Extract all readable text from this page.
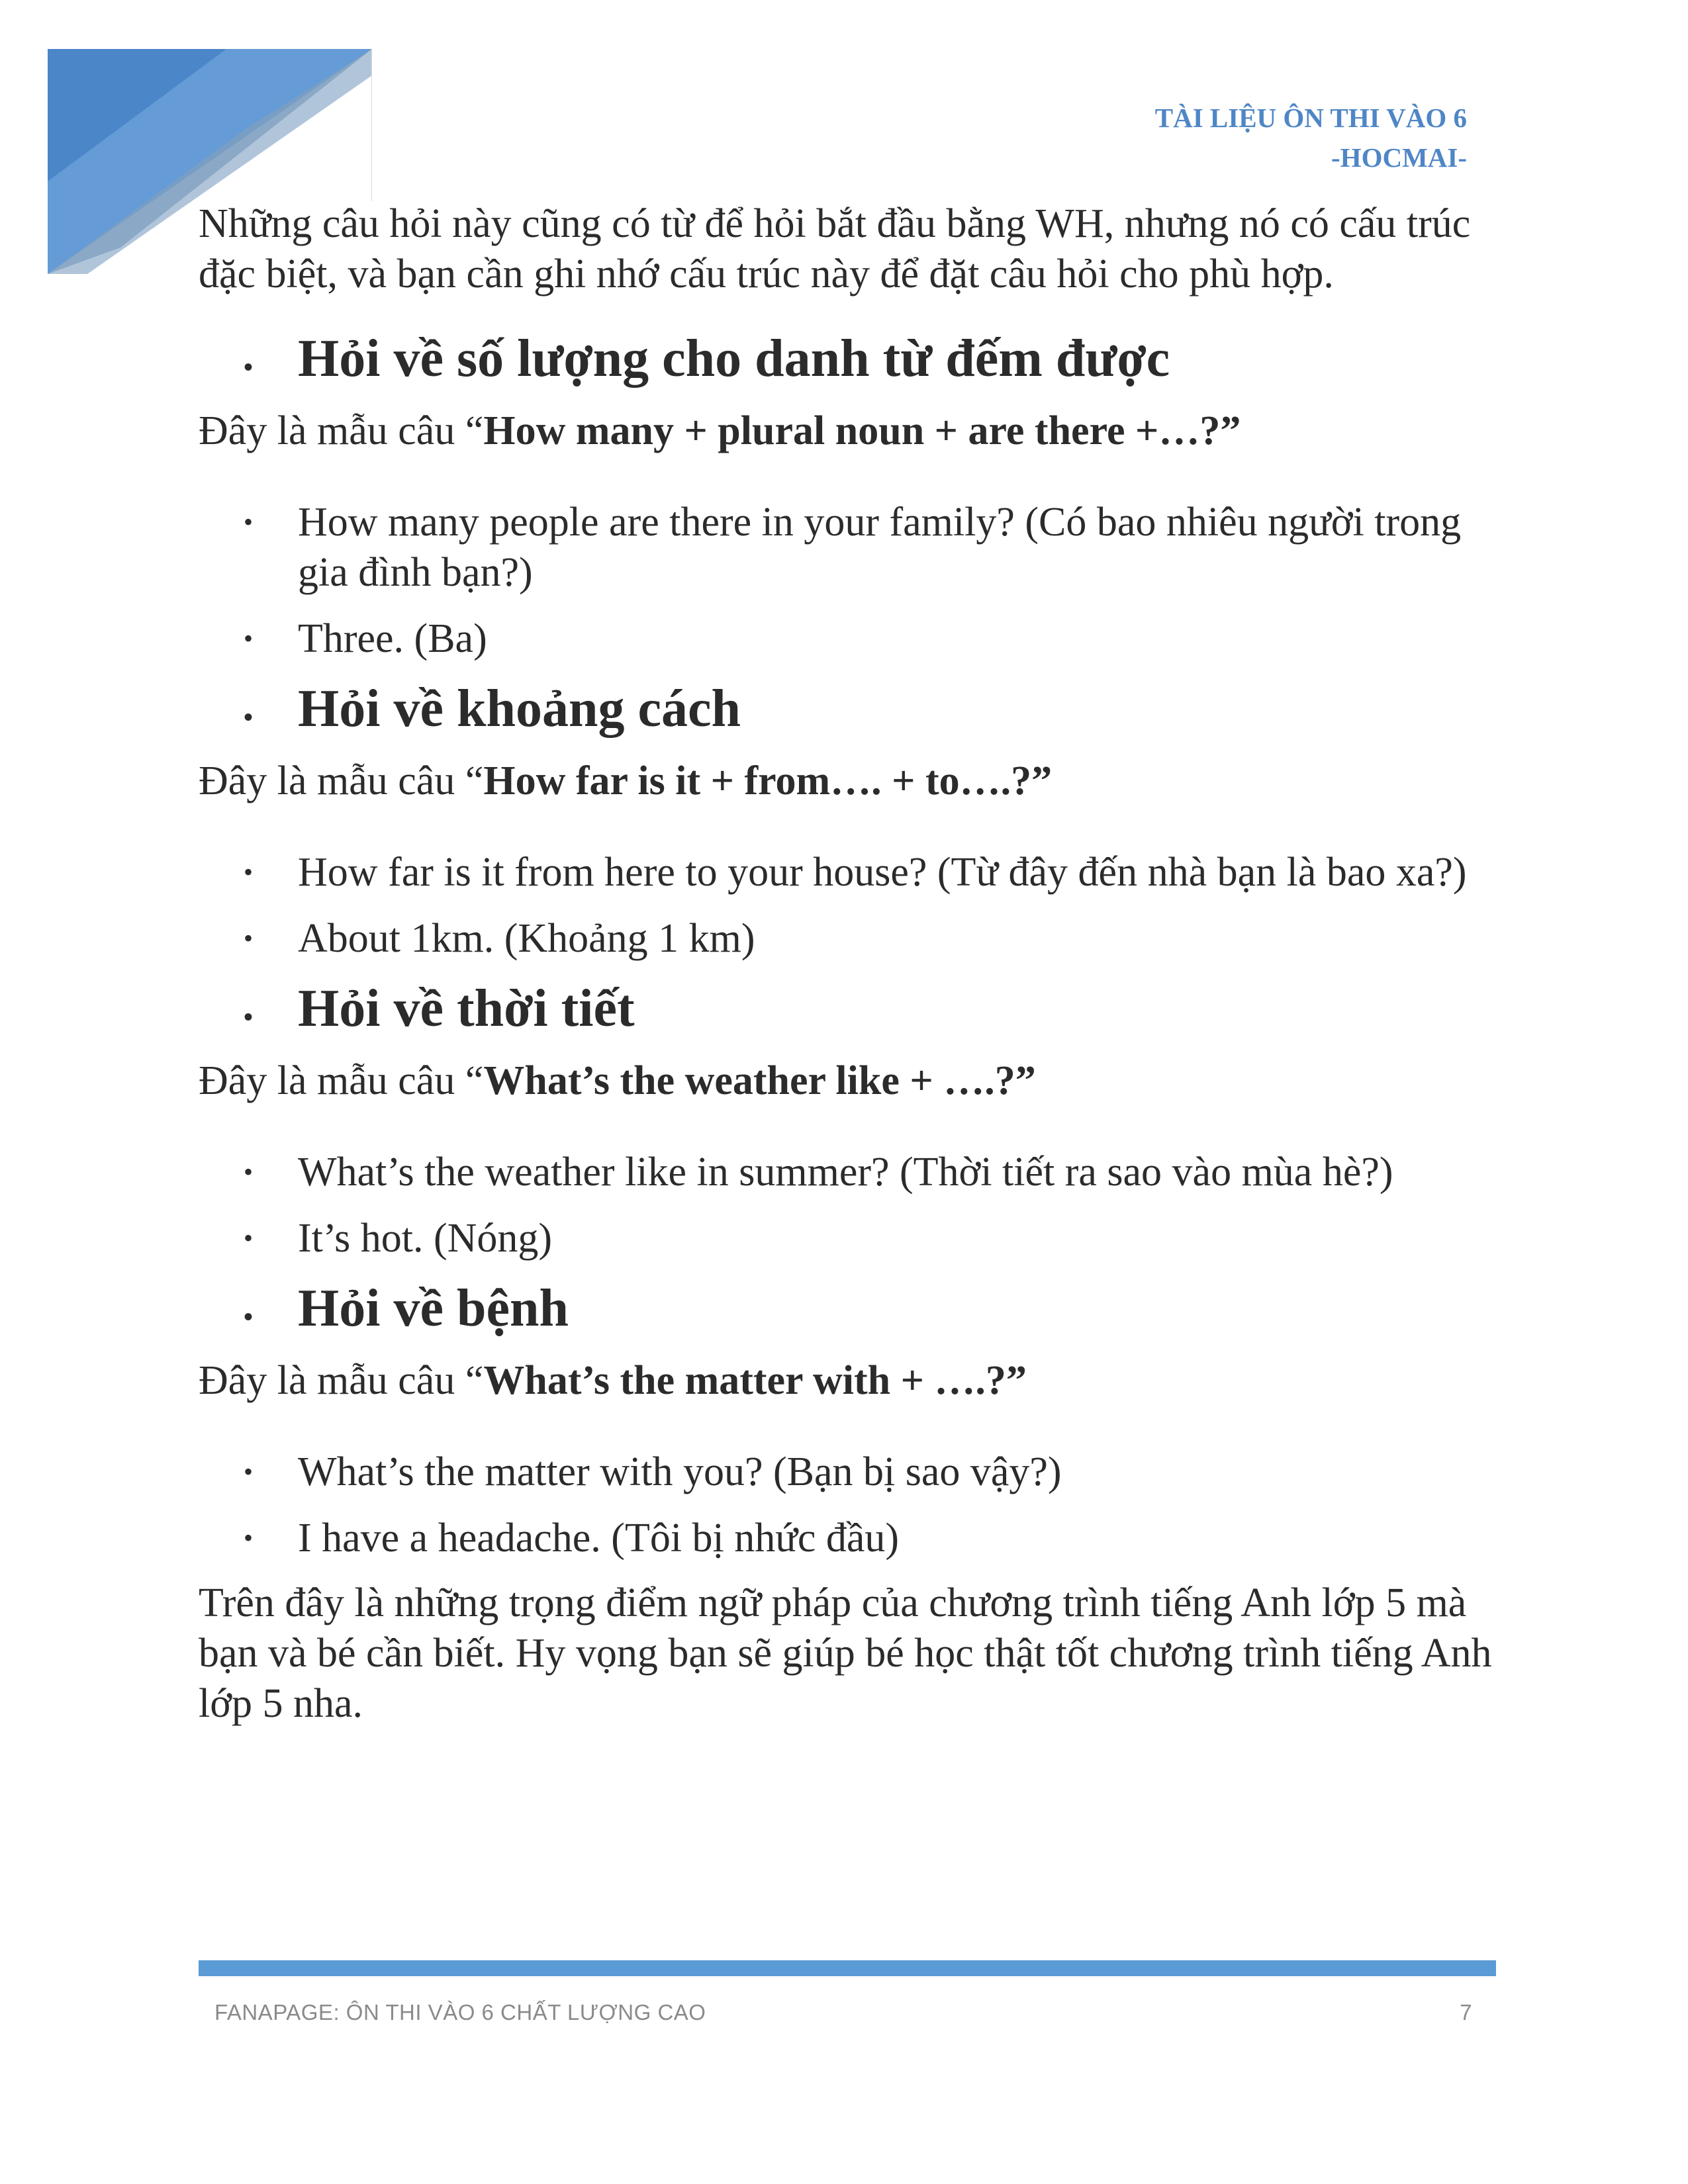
TÀI LIỆU ÔN THI VÀO 6
-HOCMAI-

Những câu hỏi này cũng có từ để hỏi bắt đầu bằng WH, nhưng nó có cấu trúc đặc biệt, và bạn cần ghi nhớ cấu trúc này để đặt câu hỏi cho phù hợp.

• Hỏi về số lượng cho danh từ đếm được

Đây là mẫu câu “How many + plural noun + are there +…?”

•	How many people are there in your family? (Có bao nhiêu người trong gia đình bạn?)
•	Three. (Ba)
• Hỏi về khoảng cách

Đây là mẫu câu “How far is it + from…. + to….?”

•	How far is it from here to your house? (Từ đây đến nhà bạn là bao xa?)
•	About 1km. (Khoảng 1 km)
• Hỏi về thời tiết

Đây là mẫu câu “What’s the weather like + ….?”

•	What’s the weather like in summer? (Thời tiết ra sao vào mùa hè?)
•	It’s hot. (Nóng)
• Hỏi về bệnh

Đây là mẫu câu “What’s the matter with + ….?”

•	What’s the matter with you? (Bạn bị sao vậy?)
•	I have a headache. (Tôi bị nhức đầu)

Trên đây là những trọng điểm ngữ pháp của chương trình tiếng Anh lớp 5 mà bạn và bé cần biết. Hy vọng bạn sẽ giúp bé học thật tốt chương trình tiếng Anh lớp 5 nha.

FANAPAGE: ÔN THI VÀO 6 CHẤT LƯỢNG CAO	7
